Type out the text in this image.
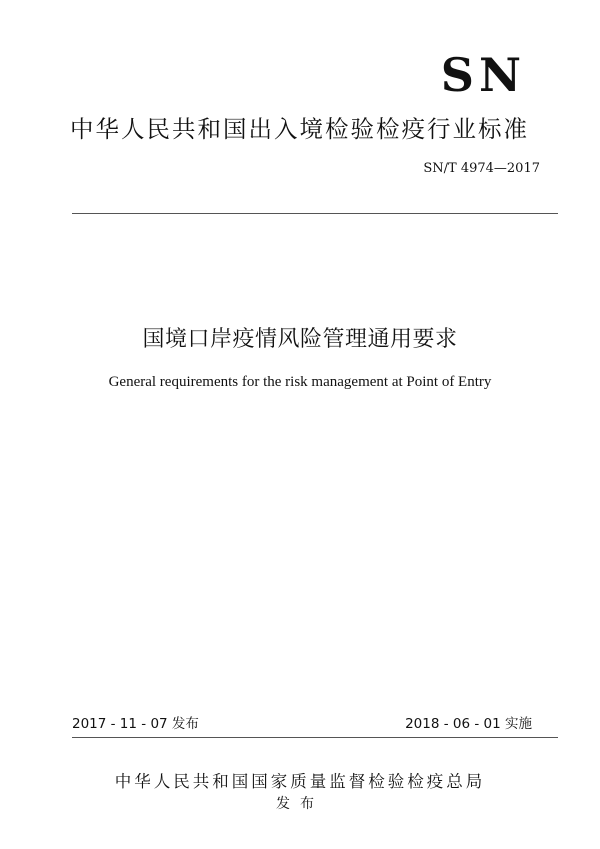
SN
中华人民共和国出入境检验检疫行业标准
SN/T 4974—2017
国境口岸疫情风险管理通用要求
General requirements for the risk management at Point of Entry
2017 - 11 - 07 发布	2018 - 06 - 01 实施
中华人民共和国国家质量监督检验检疫总局
发布
